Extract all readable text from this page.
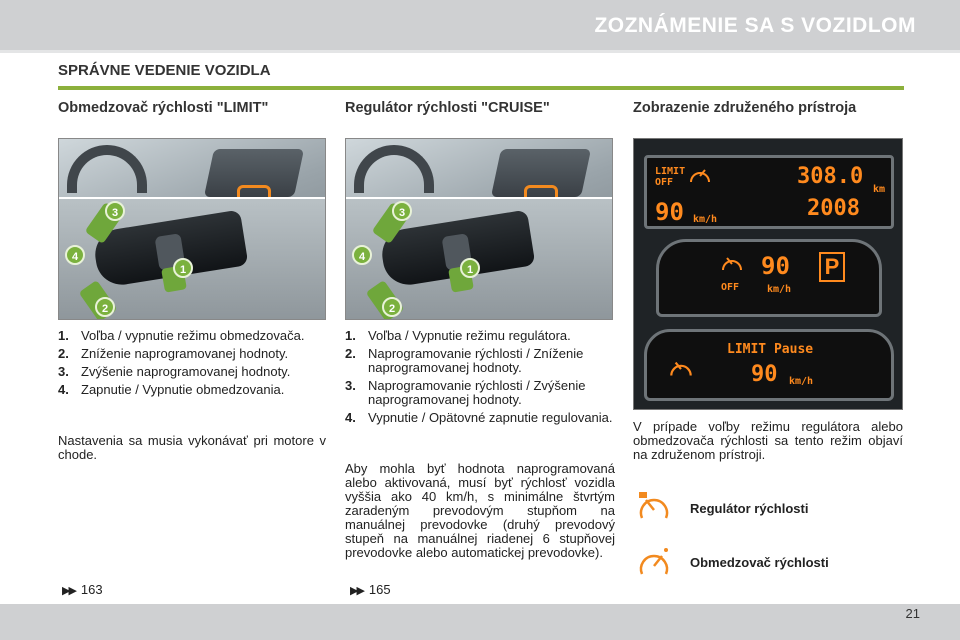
ZOZNÁMENIE SA S VOZIDLOM
SPRÁVNE VEDENIE VOZIDLA
Obmedzovač rýchlosti "LIMIT"	Regulátor rýchlosti "CRUISE"	Zobrazenie združeného prístroja
1
2
3
4
1
2
3
4
LIMIT
OFF
90 km/h
308.0
km
2008
OFF
90
km/h
P
LIMIT Pause
90 km/h
1. Voľba / vypnutie režimu obmedzovača.
2. Zníženie naprogramovanej hodnoty.
3. Zvýšenie naprogramovanej hodnoty.
4. Zapnutie / Vypnutie obmedzovania.
Nastavenia sa musia vykonávať pri motore v chode.
1. Voľba / Vypnutie režimu regulátora.
2. Naprogramovanie rýchlosti / Zníženie naprogramovanej hodnoty.
3. Naprogramovanie rýchlosti / Zvýšenie naprogramovanej hodnoty.
4. Vypnutie / Opätovné zapnutie regulovania.
Aby mohla byť hodnota naprogramovaná alebo aktivovaná, musí byť rýchlosť vozidla vyššia ako 40 km/h, s minimálne štvrtým zaradeným prevodovým stupňom na manuálnej prevodovke (druhý prevodový stupeň na manuálnej riadenej 6 stupňovej prevodovke alebo automatickej prevodovke).
V prípade voľby režimu regulátora alebo obmedzovača rýchlosti sa tento režim objaví na združenom prístroji.
Regulátor rýchlosti
Obmedzovač rýchlosti
▶▶ 163	▶▶ 165
21
